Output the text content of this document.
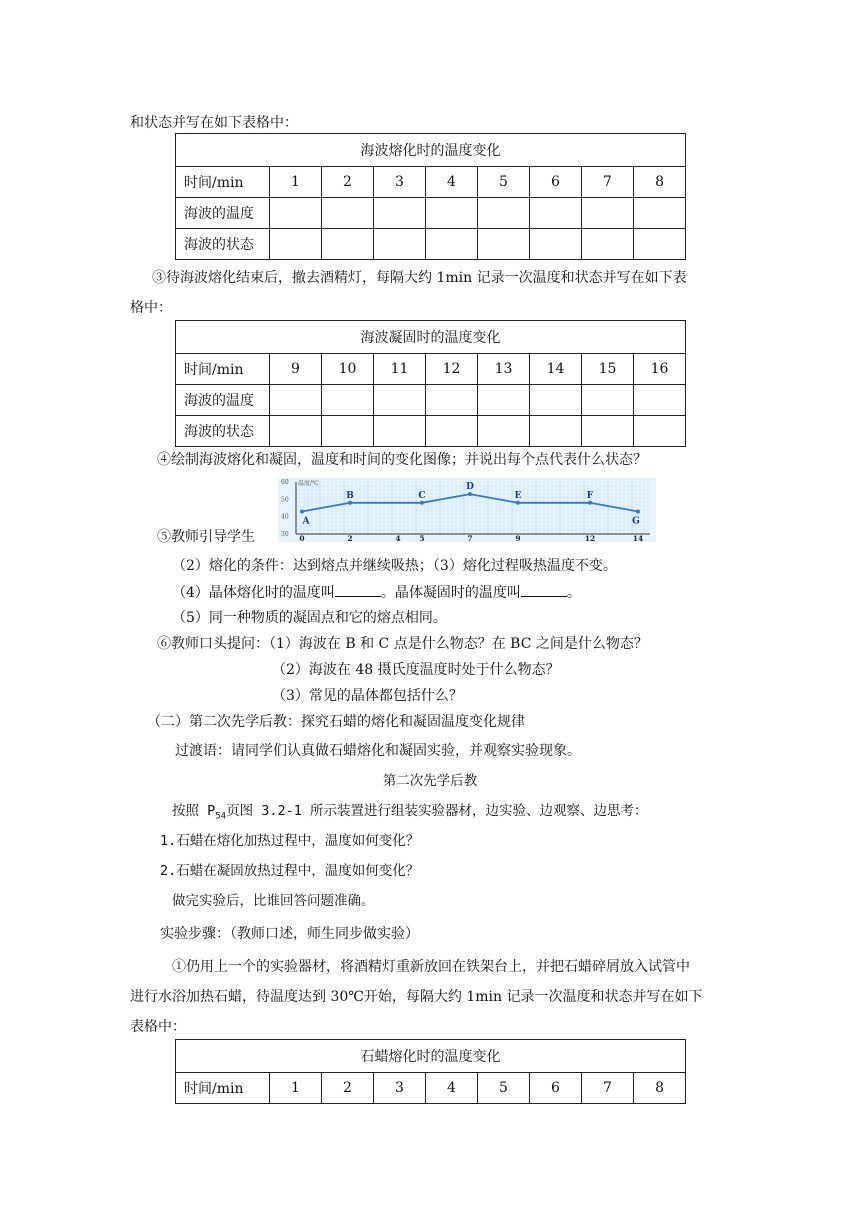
和状态并写在如下表格中：
海波熔化时的温度变化								
时间/min	1	2	3	4	5	6	7	8
海波的温度								
海波的状态								
③待海波熔化结束后，撤去酒精灯，每隔大约 1min 记录一次温度和状态并写在如下表
格中：
海波凝固时的温度变化								
时间/min	9	10	11	12	13	14	15	16
海波的温度								
海波的状态								
④绘制海波熔化和凝固，温度和时间的变化图像；并说出每个点代表什么状态？
⑤教师引导学生
温度/℃
60
50
40
30 0	2	4	5	7	9	12	14
A
B	C
D
E	F
G
（2）熔化的条件：达到熔点并继续吸热；（3）熔化过程吸热温度不变。
（4）晶体熔化时的温度叫	。晶体凝固时的温度叫	。
（5）同一种物质的凝固点和它的熔点相同。
⑥教师口头提问：（1）海波在 B 和 C 点是什么物态？在 BC 之间是什么物态？
（2）海波在 48 摄氏度温度时处于什么物态？
（3）常见的晶体都包括什么？
（二）第二次先学后教：探究石蜡的熔化和凝固温度变化规律
过渡语：请同学们认真做石蜡熔化和凝固实验，并观察实验现象。
第二次先学后教
按照 $P_{54}$页图 3.2-1 所示装置进行组装实验器材，边实验、边观察、边思考：
1.石蜡在熔化加热过程中，温度如何变化？
2.石蜡在凝固放热过程中，温度如何变化？
做完实验后，比谁回答问题准确。
实验步骤：（教师口述，师生同步做实验）
①仍用上一个的实验器材，将酒精灯重新放回在铁架台上，并把石蜡碎屑放入试管中
进行水浴加热石蜡，待温度达到 30℃开始，每隔大约 1min 记录一次温度和状态并写在如下
表格中：
石蜡熔化时的温度变化
时间/min	1	2	3	4	5	6	7	8
